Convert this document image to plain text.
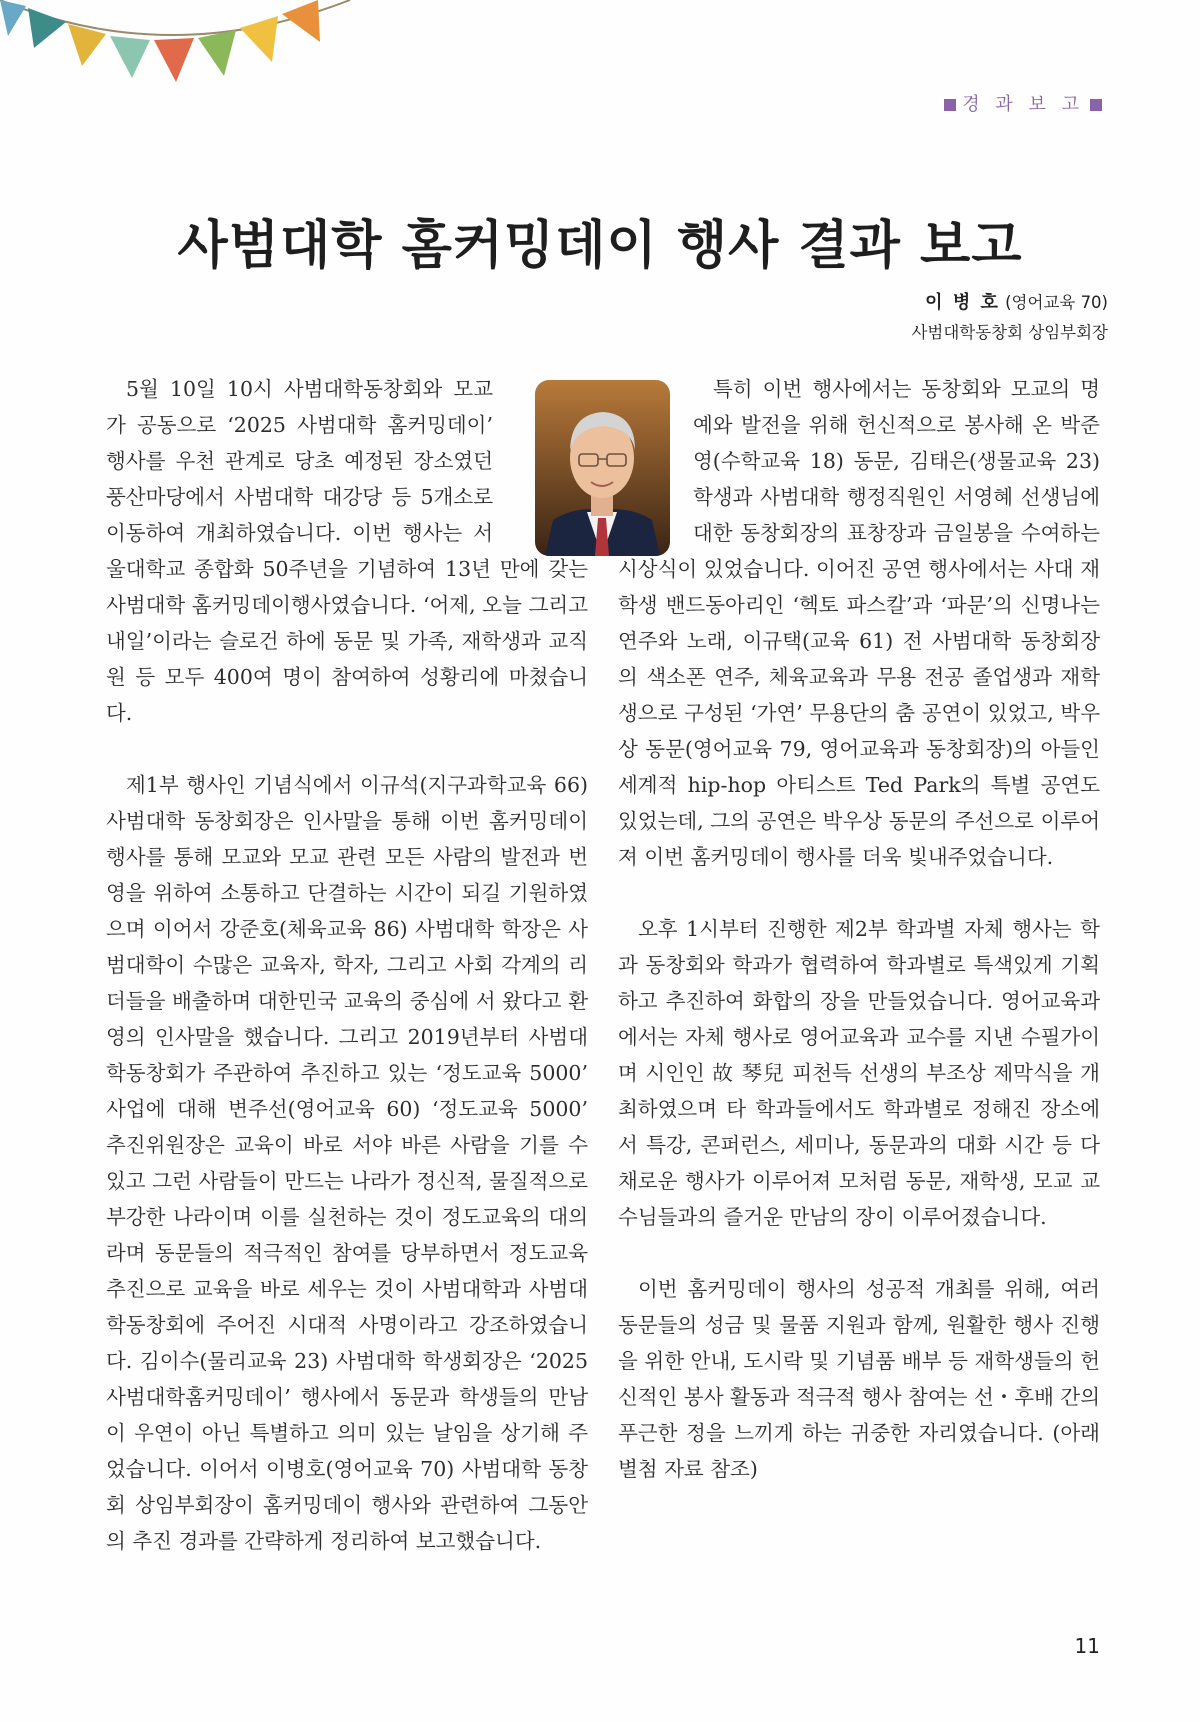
경 과 보 고
사범대학 홈커밍데이 행사 결과 보고
이 병 호 (영어교육 70)
사범대학동창회 상임부회장

5월 10일 10시 사범대학동창회와 모교가 공동으로 ‘2025 사범대학 홈커밍데이’ 행사를 우천 관계로 당초 예정된 장소였던 풍산마당에서 사범대학 대강당 등 5개소로 이동하여 개최하였습니다. 이번 행사는 서울대학교 종합화 50주년을 기념하여 13년 만에 갖는 사범대학 홈커밍데이행사였습니다. ‘어제, 오늘 그리고 내일’이라는 슬로건 하에 동문 및 가족, 재학생과 교직원 등 모두 400여 명이 참여하여 성황리에 마쳤습니다.

제1부 행사인 기념식에서 이규석(지구과학교육 66) 사범대학 동창회장은 인사말을 통해 이번 홈커밍데이 행사를 통해 모교와 모교 관련 모든 사람의 발전과 번영을 위하여 소통하고 단결하는 시간이 되길 기원하였으며 이어서 강준호(체육교육 86) 사범대학 학장은 사범대학이 수많은 교육자, 학자, 그리고 사회 각계의 리더들을 배출하며 대한민국 교육의 중심에 서 왔다고 환영의 인사말을 했습니다. 그리고 2019년부터 사범대학동창회가 주관하여 추진하고 있는 ‘정도교육 5000’ 사업에 대해 변주선(영어교육 60) ‘정도교육 5000’ 추진위원장은 교육이 바로 서야 바른 사람을 기를 수 있고 그런 사람들이 만드는 나라가 정신적, 물질적으로 부강한 나라이며 이를 실천하는 것이 정도교육의 대의라며 동문들의 적극적인 참여를 당부하면서 정도교육 추진으로 교육을 바로 세우는 것이 사범대학과 사범대학동창회에 주어진 시대적 사명이라고 강조하였습니다. 김이수(물리교육 23) 사범대학 학생회장은 ‘2025 사범대학홈커밍데이’ 행사에서 동문과 학생들의 만남이 우연이 아닌 특별하고 의미 있는 날임을 상기해 주었습니다. 이어서 이병호(영어교육 70) 사범대학 동창회 상임부회장이 홈커밍데이 행사와 관련하여 그동안의 추진 경과를 간략하게 정리하여 보고했습니다.

특히 이번 행사에서는 동창회와 모교의 명예와 발전을 위해 헌신적으로 봉사해 온 박준영(수학교육 18) 동문, 김태은(생물교육 23) 학생과 사범대학 행정직원인 서영혜 선생님에 대한 동창회장의 표창장과 금일봉을 수여하는 시상식이 있었습니다. 이어진 공연 행사에서는 사대 재학생 밴드동아리인 ‘헥토 파스칼’과 ‘파문’의 신명나는 연주와 노래, 이규택(교육 61) 전 사범대학 동창회장의 색소폰 연주, 체육교육과 무용 전공 졸업생과 재학생으로 구성된 ‘가연’ 무용단의 춤 공연이 있었고, 박우상 동문(영어교육 79, 영어교육과 동창회장)의 아들인 세계적 hip-hop 아티스트 Ted Park의 특별 공연도 있었는데, 그의 공연은 박우상 동문의 주선으로 이루어져 이번 홈커밍데이 행사를 더욱 빛내주었습니다.

오후 1시부터 진행한 제2부 학과별 자체 행사는 학과 동창회와 학과가 협력하여 학과별로 특색있게 기획하고 추진하여 화합의 장을 만들었습니다. 영어교육과에서는 자체 행사로 영어교육과 교수를 지낸 수필가이며 시인인 故 琴兒 피천득 선생의 부조상 제막식을 개최하였으며 타 학과들에서도 학과별로 정해진 장소에서 특강, 콘퍼런스, 세미나, 동문과의 대화 시간 등 다채로운 행사가 이루어져 모처럼 동문, 재학생, 모교 교수님들과의 즐거운 만남의 장이 이루어졌습니다.

이번 홈커밍데이 행사의 성공적 개최를 위해, 여러 동문들의 성금 및 물품 지원과 함께, 원활한 행사 진행을 위한 안내, 도시락 및 기념품 배부 등 재학생들의 헌신적인 봉사 활동과 적극적 행사 참여는 선・후배 간의 푸근한 정을 느끼게 하는 귀중한 자리였습니다. (아래 별첨 자료 참조)

11
